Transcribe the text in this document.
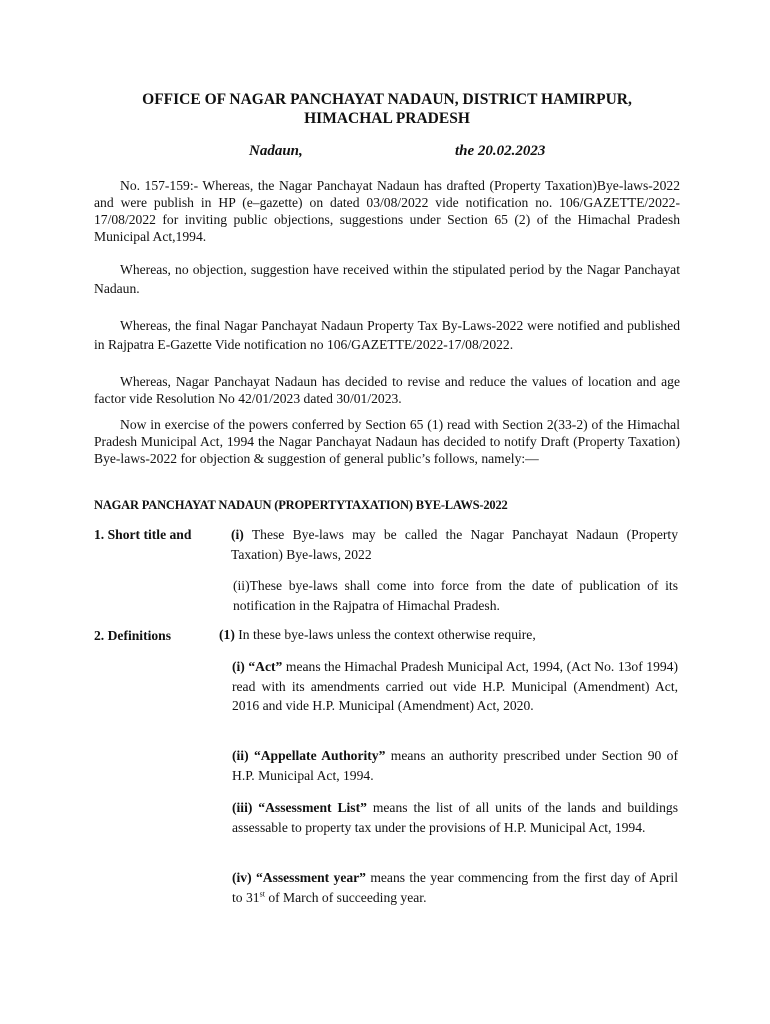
OFFICE OF NAGAR PANCHAYAT NADAUN, DISTRICT HAMIRPUR,
HIMACHAL PRADESH
Nadaun,	the 20.02.2023

No. 157-159:- Whereas, the Nagar Panchayat Nadaun has drafted (Property Taxation)Bye-laws-2022 and were publish in HP (e–gazette) on dated 03/08/2022 vide notification no. 106/GAZETTE/2022-17/08/2022 for inviting public objections, suggestions under Section 65 (2) of the Himachal Pradesh Municipal Act,1994.

Whereas, no objection, suggestion have received within the stipulated period by the Nagar Panchayat Nadaun.

Whereas, the final Nagar Panchayat Nadaun Property Tax By-Laws-2022 were notified and published in Rajpatra E-Gazette Vide notification no 106/GAZETTE/2022-17/08/2022.

Whereas, Nagar Panchayat Nadaun has decided to revise and reduce the values of location and age factor vide Resolution No 42/01/2023 dated 30/01/2023.

Now in exercise of the powers conferred by Section 65 (1) read with Section 2(33-2) of the Himachal Pradesh Municipal Act, 1994 the Nagar Panchayat Nadaun has decided to notify Draft (Property Taxation) Bye-laws-2022 for objection & suggestion of general public’s follows, namely:—

NAGAR PANCHAYAT NADAUN (PROPERTYTAXATION) BYE-LAWS-2022
1. Short title and	(i) These Bye-laws may be called the Nagar Panchayat Nadaun (Property Taxation) Bye-laws, 2022
(ii)These bye-laws shall come into force from the date of publication of its notification in the Rajpatra of Himachal Pradesh.
2. Definitions	(1) In these bye-laws unless the context otherwise require,
(i) “Act” means the Himachal Pradesh Municipal Act, 1994, (Act No. 13of 1994) read with its amendments carried out vide H.P. Municipal (Amendment) Act, 2016 and vide H.P. Municipal (Amendment) Act, 2020.
(ii) “Appellate Authority” means an authority prescribed under Section 90 of H.P. Municipal Act, 1994.
(iii) “Assessment List” means the list of all units of the lands and buildings assessable to property tax under the provisions of H.P. Municipal Act, 1994.
(iv) “Assessment year” means the year commencing from the first day of April to 31st of March of succeeding year.
